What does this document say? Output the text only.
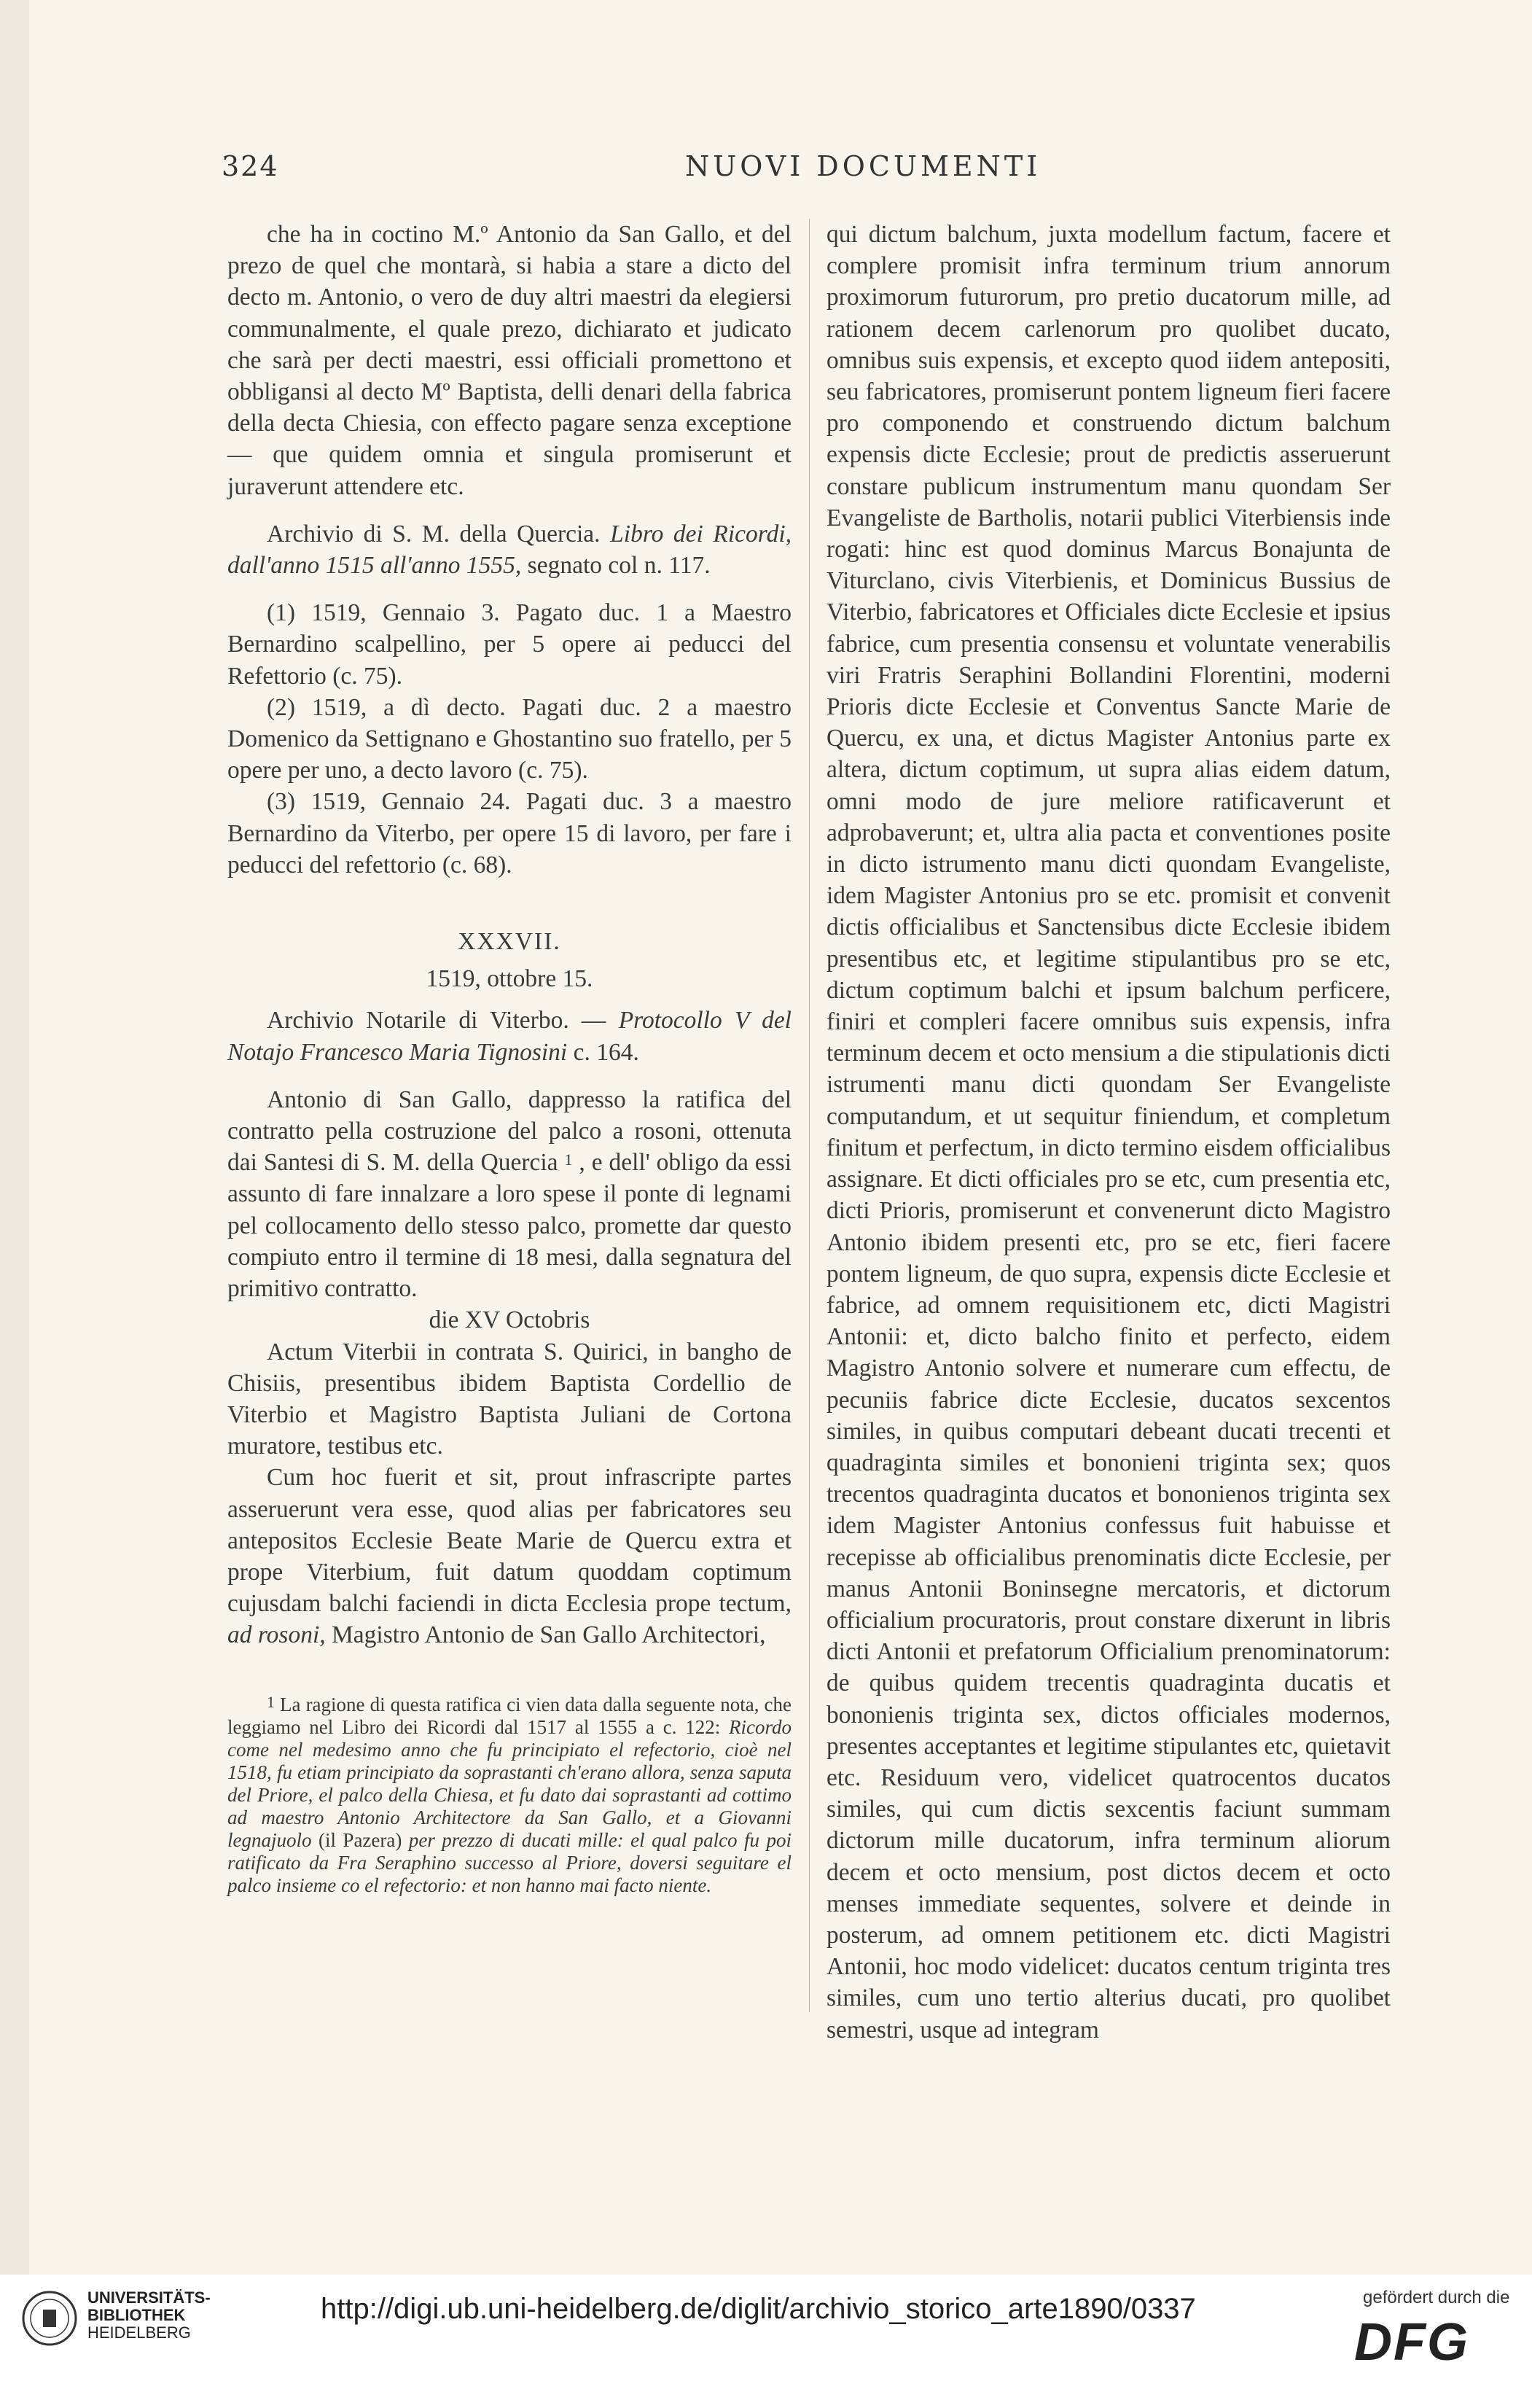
324	NUOVI DOCUMENTI

che ha in coctino M.º Antonio da San Gallo, et del prezo de quel che montarà, si habia a stare a dicto del decto m. Antonio, o vero de duy altri maestri da elegiersi communalmente, el quale prezo, dichiarato et judicato che sarà per decti maestri, essi officiali promettono et obbligansi al decto Mº Baptista, delli denari della fabrica della decta Chiesia, con effecto pagare senza exceptione — que quidem omnia et singula promiserunt et juraverunt attendere etc.

Archivio di S. M. della Quercia. Libro dei Ricordi, dall'anno 1515 all'anno 1555, segnato col n. 117.

(1) 1519, Gennaio 3. Pagato duc. 1 a Maestro Bernardino scalpellino, per 5 opere ai peducci del Refettorio (c. 75).

(2) 1519, a dì decto. Pagati duc. 2 a maestro Domenico da Settignano e Ghostantino suo fratello, per 5 opere per uno, a decto lavoro (c. 75).

(3) 1519, Gennaio 24. Pagati duc. 3 a maestro Bernardino da Viterbo, per opere 15 di lavoro, per fare i peducci del refettorio (c. 68).

XXXVII.

1519, ottobre 15.

Archivio Notarile di Viterbo. — Protocollo V del Notajo Francesco Maria Tignosini c. 164.

Antonio di San Gallo, dappresso la ratifica del contratto pella costruzione del palco a rosoni, ottenuta dai Santesi di S. M. della Quercia $^1$ , e dell' obligo da essi assunto di fare innalzare a loro spese il ponte di legnami pel collocamento dello stesso palco, promette dar questo compiuto entro il termine di 18 mesi, dalla segnatura del primitivo contratto.

die XV Octobris

Actum Viterbii in contrata S. Quirici, in bangho de Chisiis, presentibus ibidem Baptista Cordellio de Viterbio et Magistro Baptista Juliani de Cortona muratore, testibus etc.

Cum hoc fuerit et sit, prout infrascripte partes asseruerunt vera esse, quod alias per fabricatores seu antepositos Ecclesie Beate Marie de Quercu extra et prope Viterbium, fuit datum quoddam coptimum cujusdam balchi faciendi in dicta Ecclesia prope tectum, ad rosoni, Magistro Antonio de San Gallo Architectori,

$^1$ La ragione di questa ratifica ci vien data dalla seguente nota, che leggiamo nel Libro dei Ricordi dal 1517 al 1555 a c. 122: Ricordo come nel medesimo anno che fu principiato el refectorio, cioè nel 1518, fu etiam principiato da soprastanti ch'erano allora, senza saputa del Priore, el palco della Chiesa, et fu dato dai soprastanti ad cottimo ad maestro Antonio Architectore da San Gallo, et a Giovanni legnajuolo (il Pazera) per prezzo di ducati mille: el qual palco fu poi ratificato da Fra Seraphino successo al Priore, doversi seguitare el palco insieme co el refectorio: et non hanno mai facto niente.

qui dictum balchum, juxta modellum factum, facere et complere promisit infra terminum trium annorum proximorum futurorum, pro pretio ducatorum mille, ad rationem decem carlenorum pro quolibet ducato, omnibus suis expensis, et excepto quod iidem antepositi, seu fabricatores, promiserunt pontem ligneum fieri facere pro componendo et construendo dictum balchum expensis dicte Ecclesie; prout de predictis asseruerunt constare publicum instrumentum manu quondam Ser Evangeliste de Bartholis, notarii publici Viterbiensis inde rogati: hinc est quod dominus Marcus Bonajunta de Viturclano, civis Viterbienis, et Dominicus Bussius de Viterbio, fabricatores et Officiales dicte Ecclesie et ipsius fabrice, cum presentia consensu et voluntate venerabilis viri Fratris Seraphini Bollandini Florentini, moderni Prioris dicte Ecclesie et Conventus Sancte Marie de Quercu, ex una, et dictus Magister Antonius parte ex altera, dictum coptimum, ut supra alias eidem datum, omni modo de jure meliore ratificaverunt et adprobaverunt; et, ultra alia pacta et conventiones posite in dicto istrumento manu dicti quondam Evangeliste, idem Magister Antonius pro se etc. promisit et convenit dictis officialibus et Sanctensibus dicte Ecclesie ibidem presentibus etc, et legitime stipulantibus pro se etc, dictum coptimum balchi et ipsum balchum perficere, finiri et compleri facere omnibus suis expensis, infra terminum decem et octo mensium a die stipulationis dicti istrumenti manu dicti quondam Ser Evangeliste computandum, et ut sequitur finiendum, et completum finitum et perfectum, in dicto termino eisdem officialibus assignare. Et dicti officiales pro se etc, cum presentia etc, dicti Prioris, promiserunt et convenerunt dicto Magistro Antonio ibidem presenti etc, pro se etc, fieri facere pontem ligneum, de quo supra, expensis dicte Ecclesie et fabrice, ad omnem requisitionem etc, dicti Magistri Antonii: et, dicto balcho finito et perfecto, eidem Magistro Antonio solvere et numerare cum effectu, de pecuniis fabrice dicte Ecclesie, ducatos sexcentos similes, in quibus computari debeant ducati trecenti et quadraginta similes et bononieni triginta sex; quos trecentos quadraginta ducatos et bononienos triginta sex idem Magister Antonius confessus fuit habuisse et recepisse ab officialibus prenominatis dicte Ecclesie, per manus Antonii Boninsegne mercatoris, et dictorum officialium procuratoris, prout constare dixerunt in libris dicti Antonii et prefatorum Officialium prenominatorum: de quibus quidem trecentis quadraginta ducatis et bononienis triginta sex, dictos officiales modernos, presentes acceptantes et legitime stipulantes etc, quietavit etc. Residuum vero, videlicet quatrocentos ducatos similes, qui cum dictis sexcentis faciunt summam dictorum mille ducatorum, infra terminum aliorum decem et octo mensium, post dictos decem et octo menses immediate sequentes, solvere et deinde in posterum, ad omnem petitionem etc. dicti Magistri Antonii, hoc modo videlicet: ducatos centum triginta tres similes, cum uno tertio alterius ducati, pro quolibet semestri, usque ad integram

UNIVERSITÄTS-
BIBLIOTHEK
HEIDELBERG
http://digi.ub.uni-heidelberg.de/diglit/archivio_storico_arte1890/0337	gefördert durch die
DFG
